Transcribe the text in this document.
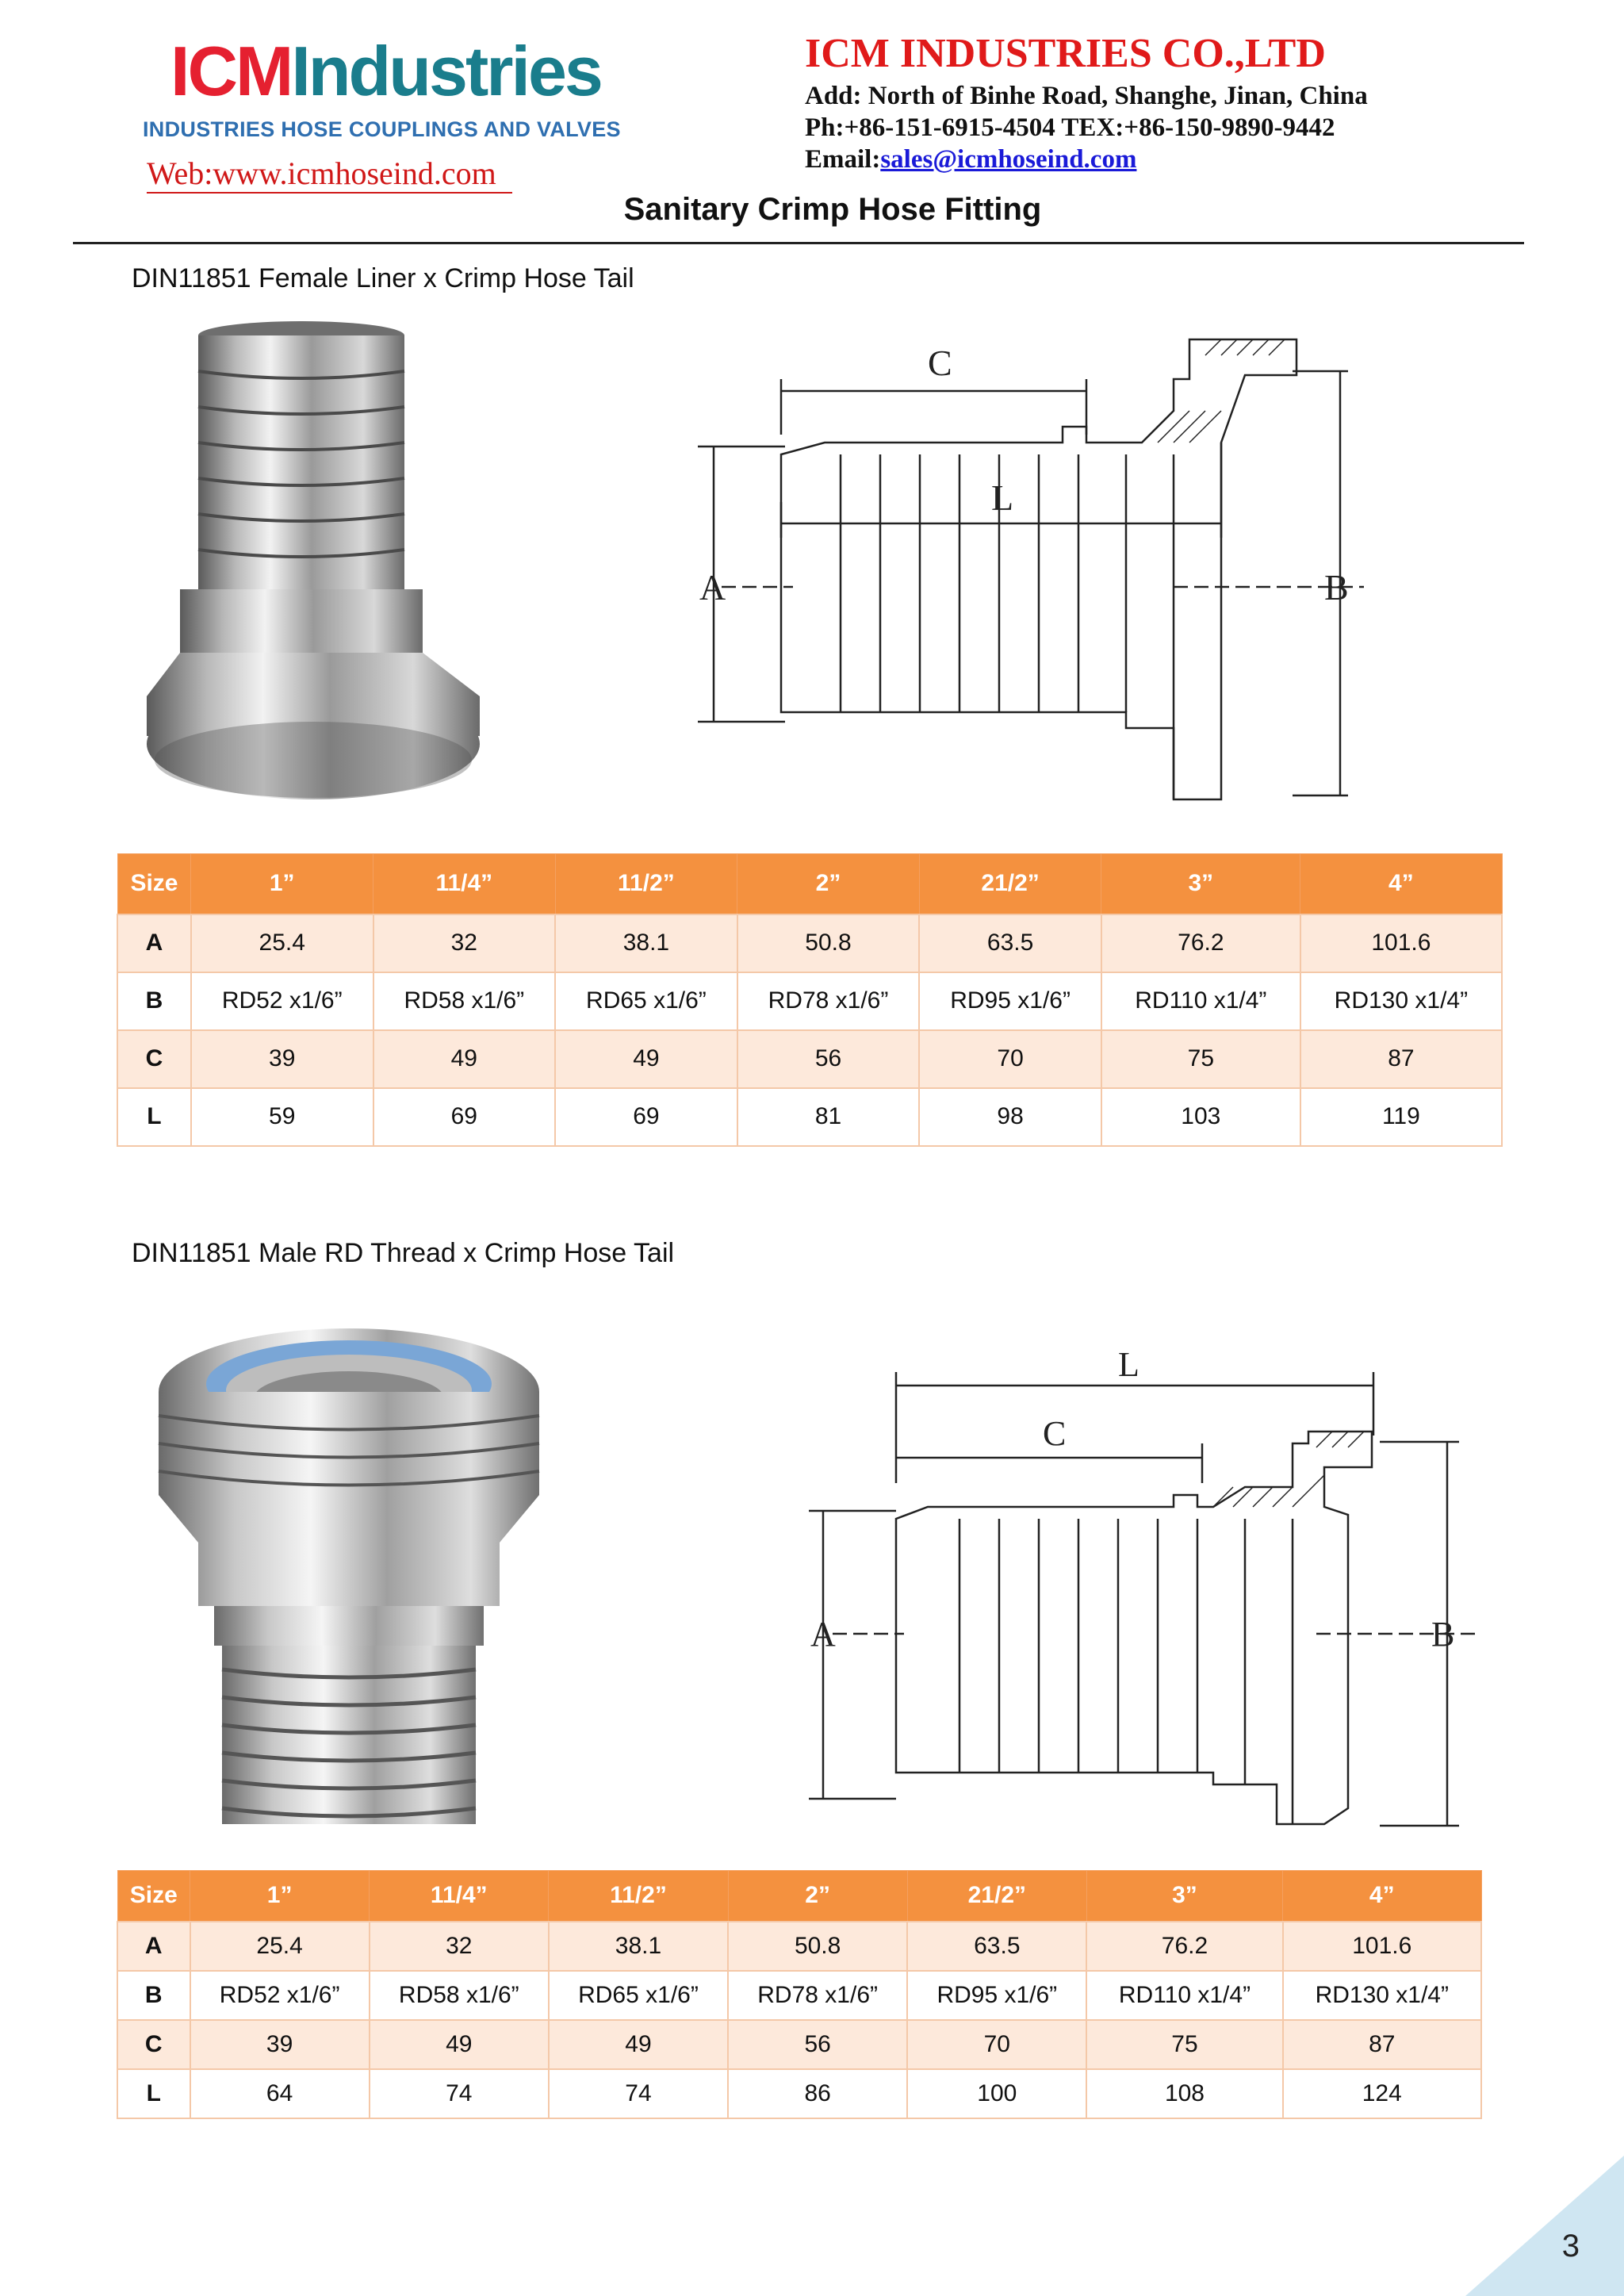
ICMIndustries
INDUSTRIES HOSE COUPLINGS AND VALVES
Web:www.icmhoseind.com
ICM INDUSTRIES CO.,LTD
Add: North of Binhe Road, Shanghe, Jinan, China
Ph:+86-151-6915-4504 TEX:+86-150-9890-9442
Email:sales@icmhoseind.com
Sanitary Crimp Hose Fitting
DIN11851 Female Liner x Crimp Hose Tail
C
L
A	B
Size	1”	11/4”	11/2”	2”	21/2”	3”	4”
A	25.4	32	38.1	50.8	63.5	76.2	101.6
B	RD52 x1/6”	RD58 x1/6”	RD65 x1/6”	RD78 x1/6”	RD95 x1/6”	RD110 x1/4”	RD130 x1/4”
C	39	49	49	56	70	75	87
L	59	69	69	81	98	103	119
DIN11851 Male RD Thread x Crimp Hose Tail
L
C
A	B
Size	1”	11/4”	11/2”	2”	21/2”	3”	4”
A	25.4	32	38.1	50.8	63.5	76.2	101.6
B	RD52 x1/6”	RD58 x1/6”	RD65 x1/6”	RD78 x1/6”	RD95 x1/6”	RD110 x1/4”	RD130 x1/4”
C	39	49	49	56	70	75	87
L	64	74	74	86	100	108	124
3
